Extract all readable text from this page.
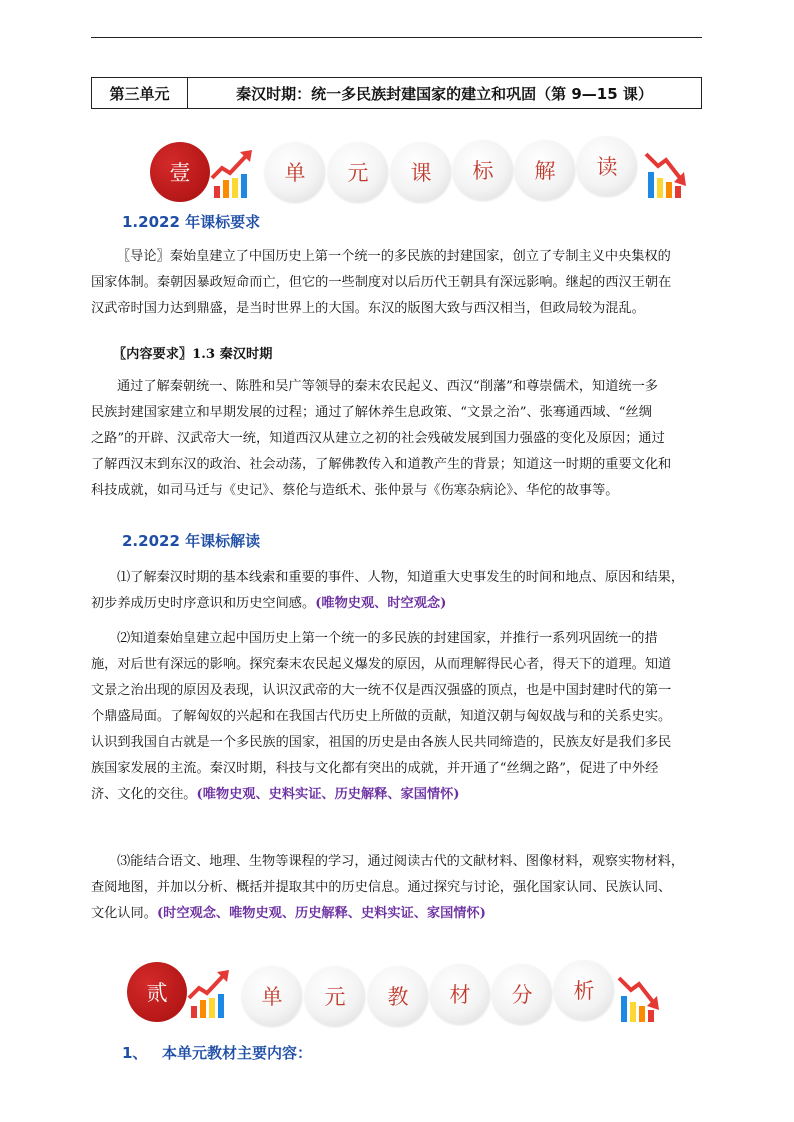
第三单元	秦汉时期：统一多民族封建国家的建立和巩固（第 9—15 课）
壹	单	元	课	标	解	读
1.2022 年课标要求
〖导论〗秦始皇建立了中国历史上第一个统一的多民族的封建国家，创立了专制主义中央集权的
国家体制。秦朝因暴政短命而亡，但它的一些制度对以后历代王朝具有深远影响。继起的西汉王朝在
汉武帝时国力达到鼎盛，是当时世界上的大国。东汉的版图大致与西汉相当，但政局较为混乱。
〖内容要求〗1.3 秦汉时期
通过了解秦朝统一、陈胜和吴广等领导的秦末农民起义、西汉“削藩”和尊崇儒术，知道统一多
民族封建国家建立和早期发展的过程；通过了解休养生息政策、“文景之治”、张骞通西域、“丝绸
之路”的开辟、汉武帝大一统，知道西汉从建立之初的社会残破发展到国力强盛的变化及原因；通过
了解西汉末到东汉的政治、社会动荡，了解佛教传入和道教产生的背景；知道这一时期的重要文化和
科技成就，如司马迁与《史记》、蔡伦与造纸术、张仲景与《伤寒杂病论》、华佗的故事等。
2.2022 年课标解读
⑴了解秦汉时期的基本线索和重要的事件、人物，知道重大史事发生的时间和地点、原因和结果，
初步养成历史时序意识和历史空间感。(唯物史观、时空观念)
⑵知道秦始皇建立起中国历史上第一个统一的多民族的封建国家，并推行一系列巩固统一的措
施，对后世有深远的影响。探究秦末农民起义爆发的原因，从而理解得民心者，得天下的道理。知道
文景之治出现的原因及表现，认识汉武帝的大一统不仅是西汉强盛的顶点，也是中国封建时代的第一
个鼎盛局面。了解匈奴的兴起和在我国古代历史上所做的贡献，知道汉朝与匈奴战与和的关系史实。
认识到我国自古就是一个多民族的国家，祖国的历史是由各族人民共同缔造的，民族友好是我们多民
族国家发展的主流。秦汉时期，科技与文化都有突出的成就，并开通了“丝绸之路”，促进了中外经
济、文化的交往。(唯物史观、史料实证、历史解释、家国情怀)
⑶能结合语文、地理、生物等课程的学习，通过阅读古代的文献材料、图像材料，观察实物材料，
查阅地图，并加以分析、概括并提取其中的历史信息。通过探究与讨论，强化国家认同、民族认同、
文化认同。(时空观念、唯物史观、历史解释、史料实证、家国情怀)
贰	单	元	教	材	分	析
1、 本单元教材主要内容：
